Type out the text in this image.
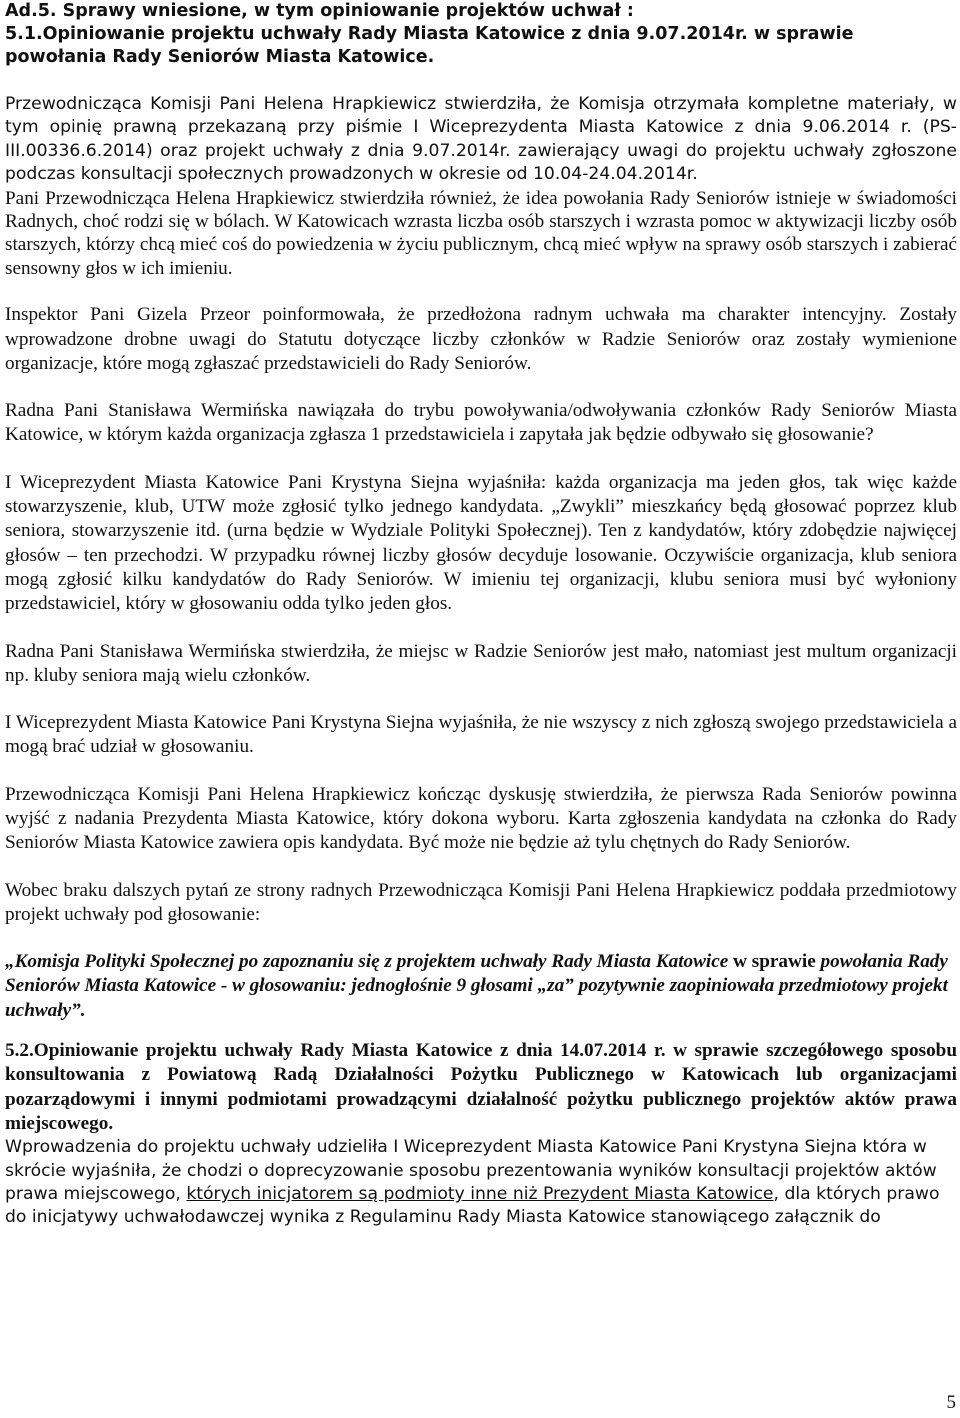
Ad.5. Sprawy wniesione, w tym opiniowanie projektów uchwał :

5.1.Opiniowanie projektu uchwały Rady Miasta Katowice z dnia 9.07.2014r. w sprawie powołania Rady Seniorów Miasta Katowice.

Przewodnicząca Komisji Pani Helena Hrapkiewicz stwierdziła, że Komisja otrzymała kompletne materiały, w tym opinię prawną przekazaną przy piśmie I Wiceprezydenta Miasta Katowice z dnia 9.06.2014 r. (PS-III.00336.6.2014) oraz projekt uchwały z dnia 9.07.2014r. zawierający uwagi do projektu uchwały zgłoszone podczas konsultacji społecznych prowadzonych w okresie od 10.04-24.04.2014r.

Pani Przewodnicząca Helena Hrapkiewicz stwierdziła również, że idea powołania Rady Seniorów istnieje w świadomości Radnych, choć rodzi się w bólach. W Katowicach wzrasta liczba osób starszych i wzrasta pomoc w aktywizacji liczby osób starszych, którzy chcą mieć coś do powiedzenia w życiu publicznym, chcą mieć wpływ na sprawy osób starszych i zabierać sensowny głos w ich imieniu.

Inspektor Pani Gizela Przeor poinformowała, że przedłożona radnym uchwała ma charakter intencyjny. Zostały wprowadzone drobne uwagi do Statutu dotyczące liczby członków w Radzie Seniorów oraz zostały wymienione organizacje, które mogą zgłaszać przedstawicieli do Rady Seniorów.

Radna Pani Stanisława Wermińska nawiązała do trybu powoływania/odwoływania członków Rady Seniorów Miasta Katowice, w którym każda organizacja zgłasza 1 przedstawiciela i zapytała jak będzie odbywało się głosowanie?

I Wiceprezydent Miasta Katowice Pani Krystyna Siejna wyjaśniła: każda organizacja ma jeden głos, tak więc każde stowarzyszenie, klub, UTW może zgłosić tylko jednego kandydata. „Zwykli” mieszkańcy będą głosować poprzez klub seniora, stowarzyszenie itd. (urna będzie w Wydziale Polityki Społecznej). Ten z kandydatów, który zdobędzie najwięcej głosów – ten przechodzi. W przypadku równej liczby głosów decyduje losowanie. Oczywiście organizacja, klub seniora mogą zgłosić kilku kandydatów do Rady Seniorów. W imieniu tej organizacji, klubu seniora musi być wyłoniony przedstawiciel, który w głosowaniu odda tylko jeden głos.

Radna Pani Stanisława Wermińska stwierdziła, że miejsc w Radzie Seniorów jest mało, natomiast jest multum organizacji np. kluby seniora mają wielu członków.

I Wiceprezydent Miasta Katowice Pani Krystyna Siejna wyjaśniła, że nie wszyscy z nich zgłoszą swojego przedstawiciela a mogą brać udział w głosowaniu.

Przewodnicząca Komisji Pani Helena Hrapkiewicz kończąc dyskusję stwierdziła, że pierwsza Rada Seniorów powinna wyjść z nadania Prezydenta Miasta Katowice, który dokona wyboru. Karta zgłoszenia kandydata na członka do Rady Seniorów Miasta Katowice zawiera opis kandydata. Być może nie będzie aż tylu chętnych do Rady Seniorów.

Wobec braku dalszych pytań ze strony radnych Przewodnicząca Komisji Pani Helena Hrapkiewicz poddała przedmiotowy projekt uchwały pod głosowanie:

„Komisja Polityki Społecznej po zapoznaniu się z projektem uchwały Rady Miasta Katowice w sprawie powołania Rady Seniorów Miasta Katowice - w głosowaniu: jednogłośnie 9 głosami „za” pozytywnie zaopiniowała przedmiotowy projekt uchwały”.

5.2.Opiniowanie projektu uchwały Rady Miasta Katowice z dnia 14.07.2014 r. w sprawie szczegółowego sposobu konsultowania z Powiatową Radą Działalności Pożytku Publicznego w Katowicach lub organizacjami pozarządowymi i innymi podmiotami prowadzącymi działalność pożytku publicznego projektów aktów prawa miejscowego.

Wprowadzenia do projektu uchwały udzieliła I Wiceprezydent Miasta Katowice Pani Krystyna Siejna która w skrócie wyjaśniła, że chodzi o doprecyzowanie sposobu prezentowania wyników konsultacji projektów aktów prawa miejscowego, których inicjatorem są podmioty inne niż Prezydent Miasta Katowice, dla których prawo do inicjatywy uchwałodawczej wynika z Regulaminu Rady Miasta Katowice stanowiącego załącznik do

5
